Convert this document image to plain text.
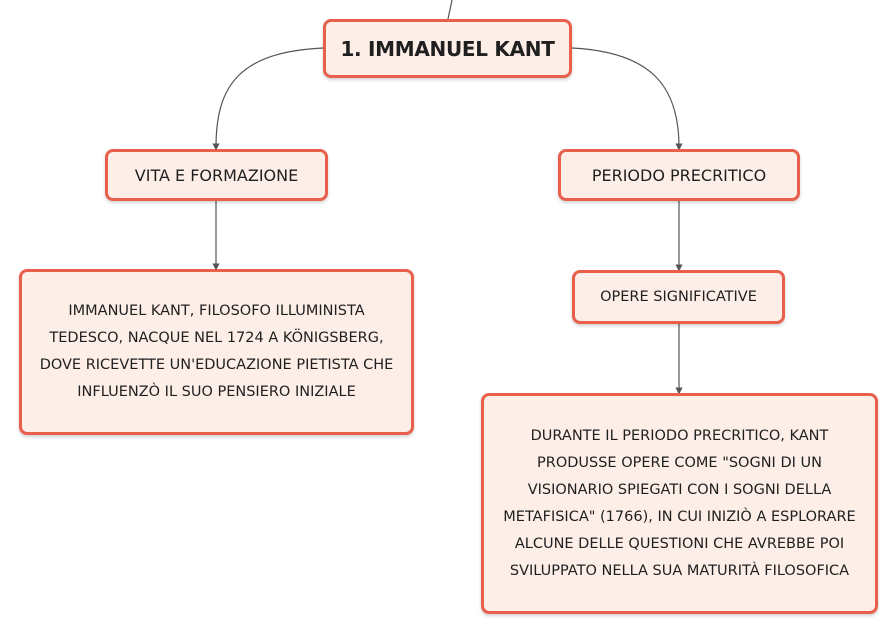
1. IMMANUEL KANT
VITA E FORMAZIONE	PERIODO PRECRITICO
IMMANUEL KANT, FILOSOFO ILLUMINISTA TEDESCO, NACQUE NEL 1724 A KÖNIGSBERG, DOVE RICEVETTE UN'EDUCAZIONE PIETISTA CHE INFLUENZÒ IL SUO PENSIERO INIZIALE
OPERE SIGNIFICATIVE
DURANTE IL PERIODO PRECRITICO, KANT PRODUSSE OPERE COME "SOGNI DI UN VISIONARIO SPIEGATI CON I SOGNI DELLA METAFISICA" (1766), IN CUI INIZIÒ A ESPLORARE ALCUNE DELLE QUESTIONI CHE AVREBBE POI SVILUPPATO NELLA SUA MATURITÀ FILOSOFICA
